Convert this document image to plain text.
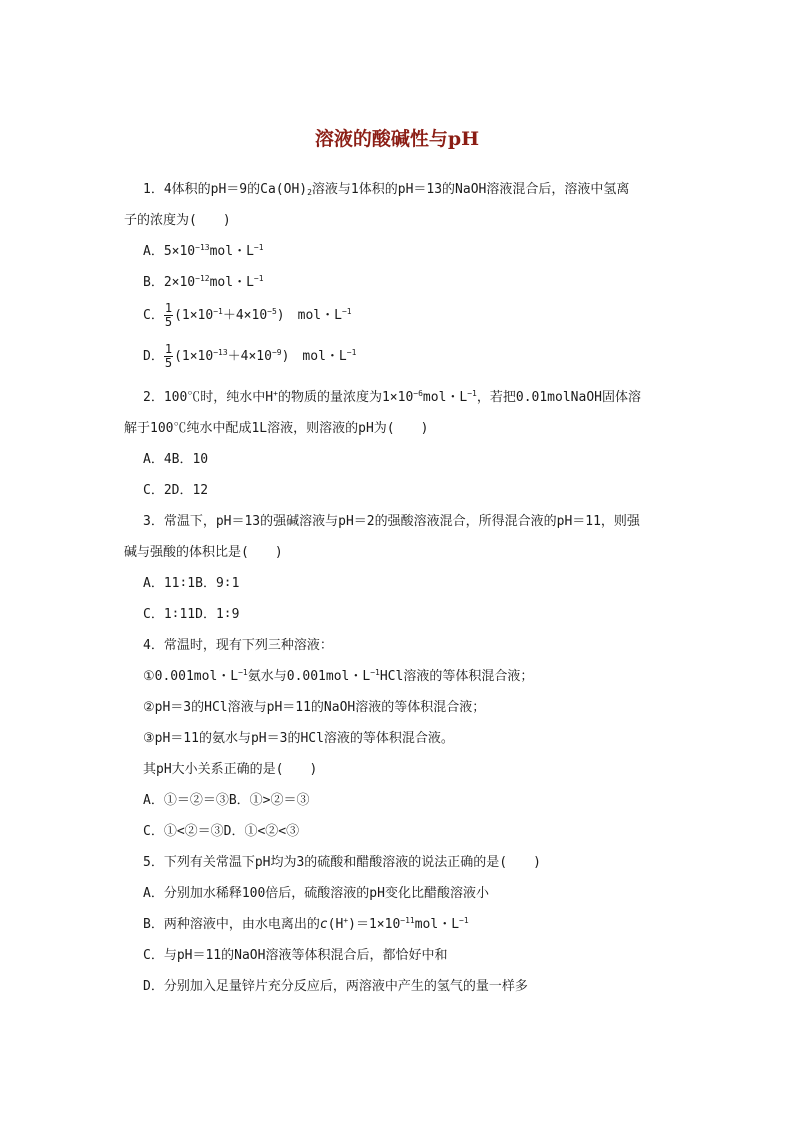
溶液的酸碱性与pH
1．4体积的pH＝9的$Ca(OH)_2$溶液与1体积的pH＝13的NaOH溶液混合后，溶液中氢离
子的浓度为(　　)
A．$5\times 10^{-13}mol$・$L^{-1}$
B．$2\times 10^{-12}mol$・$L^{-1}$
C． $\frac{1}{5} (1\times 10^{-1}+4\times 10^{-5})$　mol・$L^{-1}$
D． $\frac{1}{5} (1\times 10^{-13}+4\times 10^{-9})$　mol・$L^{-1}$
2．100℃时，纯水中H+的物质的量浓度为$1\times 10^{-6}mol$・$L^{-1}$，若把0.01molNaOH固体溶
解于100℃纯水中配成1L溶液，则溶液的pH为(　　)
A．4B．10
C．2D．12
3．常温下，pH＝13的强碱溶液与pH＝2的强酸溶液混合，所得混合液的pH＝11，则强
碱与强酸的体积比是(　　)
A．11∶1B．9∶1
C．1∶11D．1∶9
4．常温时，现有下列三种溶液：
①0.001mol・$L^{-1}$氨水与0.001mol・$L^{-1}HCl$溶液的等体积混合液；
②pH＝3的HCl溶液与pH＝11的NaOH溶液的等体积混合液；
③pH＝11的氨水与pH＝3的HCl溶液的等体积混合液。
其pH大小关系正确的是(　　)
A．①＝②＝③B．①>②＝③
C．①<②＝③D．①<②<③
5．下列有关常温下pH均为3的硫酸和醋酸溶液的说法正确的是(　　)
A．分别加水稀释100倍后，硫酸溶液的pH变化比醋酸溶液小
B．两种溶液中，由水电离出的$c(H^+)=1\times 10^{-11}mol$・$L^{-1}$
C．与pH＝11的NaOH溶液等体积混合后，都恰好中和
D．分别加入足量锌片充分反应后，两溶液中产生的氢气的量一样多
